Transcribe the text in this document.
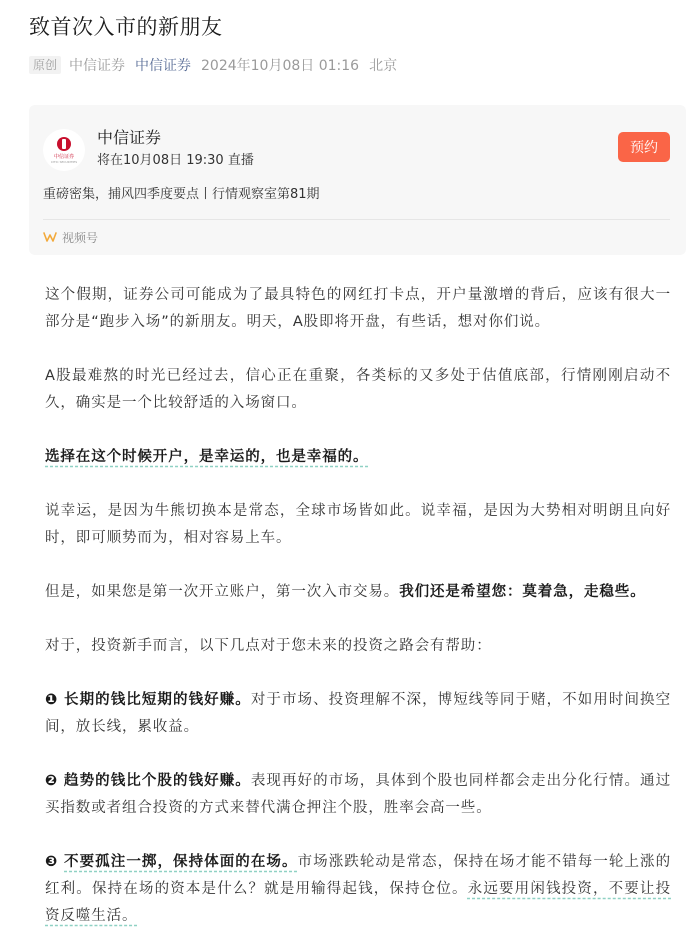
致首次入市的新朋友
原创 中信证券 中信证券 2024年10月08日 01:16 北京
中信证券
CITIC SECURITIES
中信证券
将在10月08日 19:30 直播
预约
重磅密集，捕风四季度要点丨行情观察室第81期
视频号

这个假期，证券公司可能成为了最具特色的网红打卡点，开户量激增的背后，应该有很大一部分是“跑步入场”的新朋友。明天，A股即将开盘，有些话，想对你们说。

A股最难熬的时光已经过去，信心正在重聚，各类标的又多处于估值底部，行情刚刚启动不久，确实是一个比较舒适的入场窗口。

选择在这个时候开户，是幸运的，也是幸福的。

说幸运，是因为牛熊切换本是常态，全球市场皆如此。说幸福，是因为大势相对明朗且向好时，即可顺势而为，相对容易上车。

但是，如果您是第一次开立账户，第一次入市交易。我们还是希望您：莫着急，走稳些。

对于，投资新手而言，以下几点对于您未来的投资之路会有帮助：

❶ 长期的钱比短期的钱好赚。对于市场、投资理解不深，博短线等同于赌，不如用时间换空间，放长线，累收益。

❷ 趋势的钱比个股的钱好赚。表现再好的市场，具体到个股也同样都会走出分化行情。通过买指数或者组合投资的方式来替代满仓押注个股，胜率会高一些。

❸ 不要孤注一掷，保持体面的在场。市场涨跌轮动是常态，保持在场才能不错每一轮上涨的红利。保持在场的资本是什么？就是用输得起钱，保持仓位。永远要用闲钱投资，不要让投资反噬生活。
